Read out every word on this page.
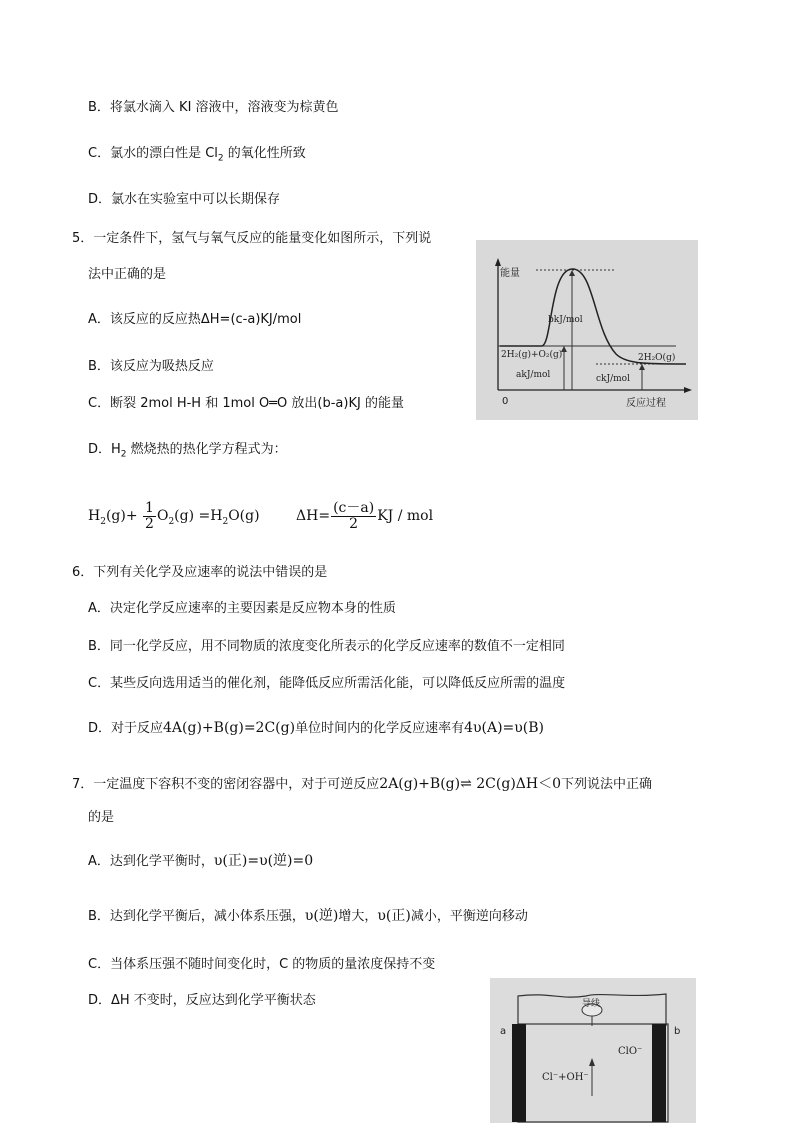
B．将氯水滴入 KI 溶液中，溶液变为棕黄色
C．氯水的漂白性是 $Cl_2$ 的氧化性所致
D．氯水在实验室中可以长期保存
5．一定条件下，氢气与氧气反应的能量变化如图所示，下列说
法中正确的是
A．该反应的反应热ΔH=(c-a)KJ/mol
B．该反应为吸热反应
C．断裂 2mol H-H 和 1mol O═O 放出(b-a)KJ 的能量
D．$H_2$ 燃烧热的热化学方程式为：
$H_2(g)+ \frac{1}{2} O_2(g) =H_2O(g)$	$\Delta H= \frac{(c-a)}{2}$ KJ / mol
能量
反应过程
0
2H₂(g)+O₂(g)	2H₂O(g)
bkJ/mol
akJ/mol	ckJ/mol
6．下列有关化学及应速率的说法中错误的是
A．决定化学反应速率的主要因素是反应物本身的性质
B．同一化学反应，用不同物质的浓度变化所表示的化学反应速率的数值不一定相同
C．某些反向选用适当的催化剂，能降低反应所需活化能，可以降低反应所需的温度
D．对于反应4A(g)+B(g)=2C(g)单位时间内的化学反应速率有4υ(A)=υ(B)
7．一定温度下容积不变的密闭容器中，对于可逆反应2A(g)+B(g)⇌ 2C(g)ΔH＜0下列说法中正确
的是
A．达到化学平衡时，υ(正)=υ(逆)=0
B．达到化学平衡后，减小体系压强，υ(逆)增大，υ(正)减小，平衡逆向移动
C．当体系压强不随时间变化时，C 的物质的量浓度保持不变
D．ΔH 不变时，反应达到化学平衡状态	导线
a	b
ClO⁻
Cl⁻+OH⁻
